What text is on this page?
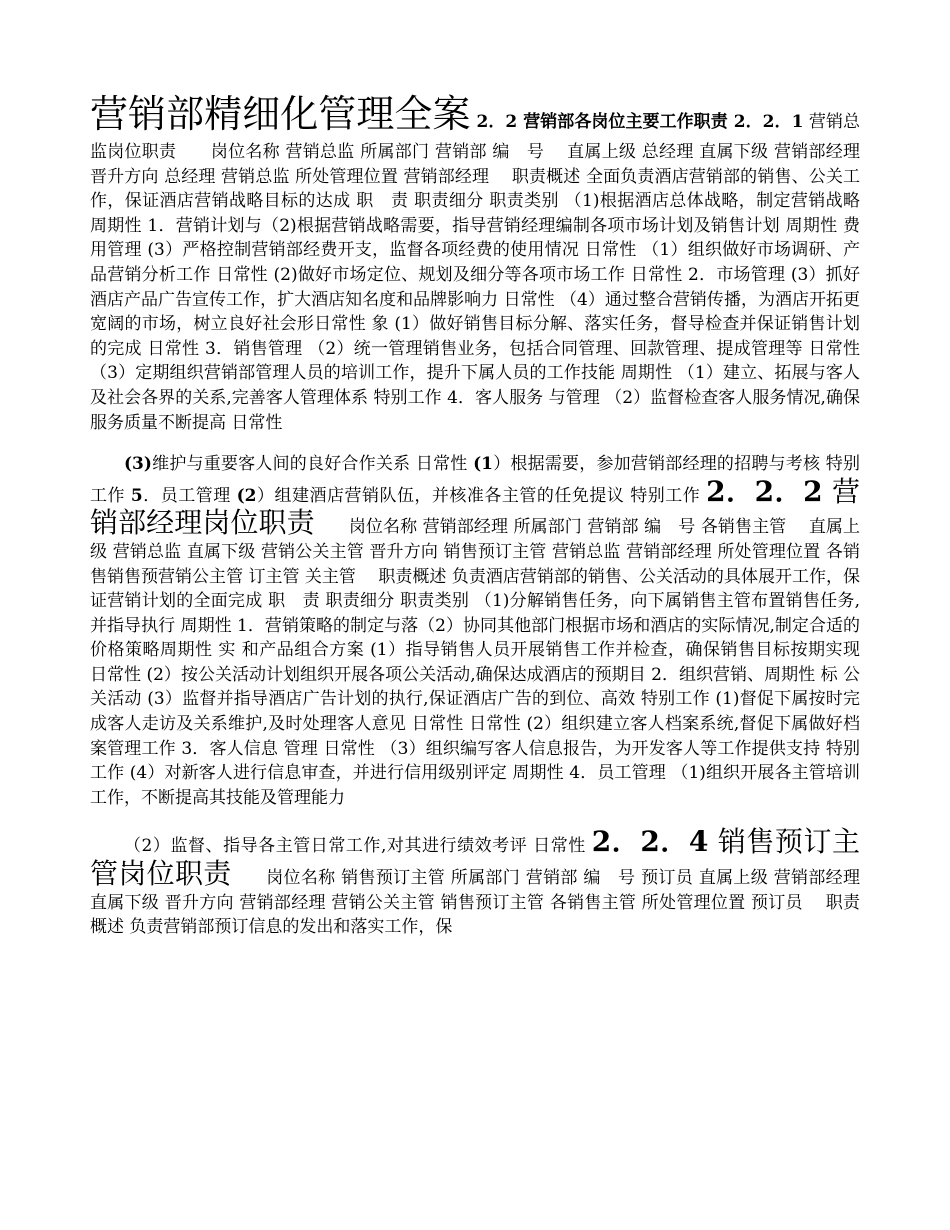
营销部精细化管理全案 2．2 营销部各岗位主要工作职责 2．2．1 营销总监岗位职责　　岗位名称 营销总监 所属部门 营销部 编　号　 直属上级 总经理 直属下级 营销部经理 晋升方向 总经理 营销总监 所处管理位置 营销部经理　 职责概述 全面负责酒店营销部的销售、公关工作，保证酒店营销战略目标的达成 职　责 职责细分 职责类别 （1)根据酒店总体战略，制定营销战略 周期性 1．营销计划与（2)根据营销战略需要，指导营销经理编制各项市场计划及销售计划 周期性 费用管理 (3）严格控制营销部经费开支，监督各项经费的使用情况 日常性 （1）组织做好市场调研、产品营销分析工作 日常性 (2)做好市场定位、规划及细分等各项市场工作 日常性 2．市场管理 (3）抓好酒店产品广告宣传工作，扩大酒店知名度和品牌影响力 日常性 （4）通过整合营销传播，为酒店开拓更宽阔的市场，树立良好社会形日常性 象 (1）做好销售目标分解、落实任务，督导检查并保证销售计划的完成 日常性 3．销售管理 （2）统一管理销售业务，包括合同管理、回款管理、提成管理等 日常性 （3）定期组织营销部管理人员的培训工作，提升下属人员的工作技能 周期性 （1）建立、拓展与客人及社会各界的关系,完善客人管理体系 特别工作 4．客人服务 与管理 （2）监督检查客人服务情况,确保服务质量不断提高 日常性

(3)维护与重要客人间的良好合作关系 日常性 (1）根据需要，参加营销部经理的招聘与考核 特别工作 5．员工管理 (2）组建酒店营销队伍，并核准各主管的任免提议 特别工作 2．2．2 营销部经理岗位职责　　岗位名称 营销部经理 所属部门 营销部 编　号 各销售主管　 直属上级 营销总监 直属下级 营销公关主管 晋升方向 销售预订主管 营销总监 营销部经理 所处管理位置 各销售销售预营销公主管 订主管 关主管　 职责概述 负责酒店营销部的销售、公关活动的具体展开工作，保证营销计划的全面完成 职　责 职责细分 职责类别 （1)分解销售任务，向下属销售主管布置销售任务,并指导执行 周期性 1．营销策略的制定与落（2）协同其他部门根据市场和酒店的实际情况,制定合适的价格策略周期性 实 和产品组合方案 (1）指导销售人员开展销售工作并检查，确保销售目标按期实现 日常性 (2）按公关活动计划组织开展各项公关活动,确保达成酒店的预期目 2．组织营销、周期性 标 公关活动 (3）监督并指导酒店广告计划的执行,保证酒店广告的到位、高效 特别工作 (1)督促下属按时完成客人走访及关系维护,及时处理客人意见 日常性 日常性 (2）组织建立客人档案系统,督促下属做好档案管理工作 3．客人信息 管理 日常性 （3）组织编写客人信息报告，为开发客人等工作提供支持 特别工作 (4）对新客人进行信息审查，并进行信用级别评定 周期性 4．员工管理 （1)组织开展各主管培训工作，不断提高其技能及管理能力

（2）监督、指导各主管日常工作,对其进行绩效考评 日常性 2．2．4 销售预订主管岗位职责　　岗位名称 销售预订主管 所属部门 营销部 编　号 预订员 直属上级 营销部经理 直属下级 晋升方向 营销部经理 营销公关主管 销售预订主管 各销售主管 所处管理位置 预订员　 职责概述 负责营销部预订信息的发出和落实工作，保
